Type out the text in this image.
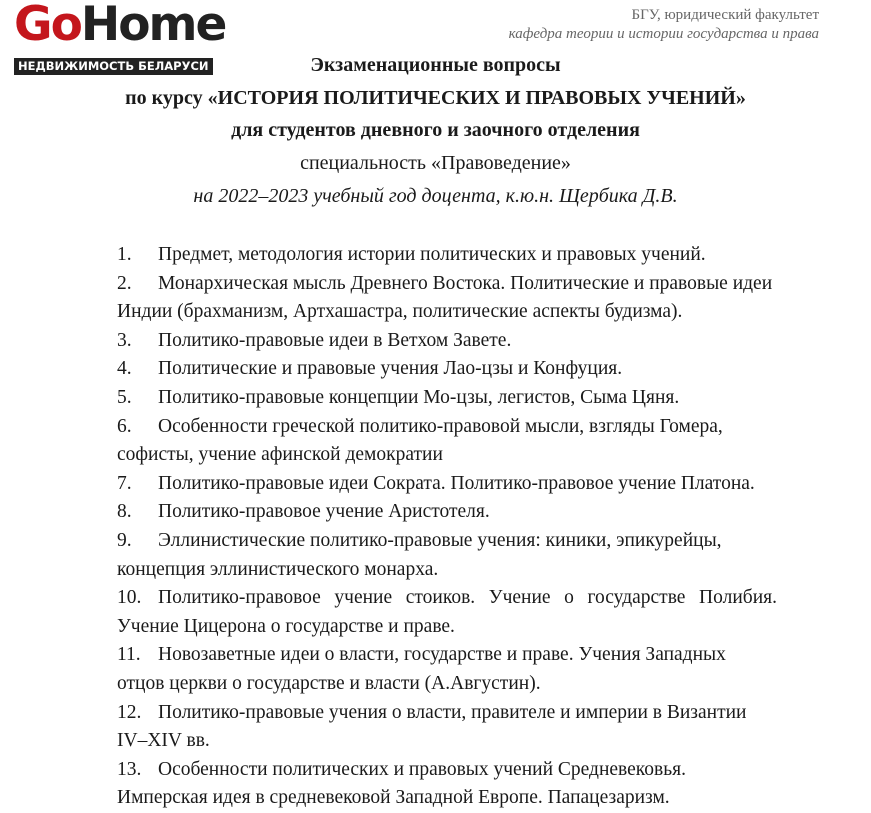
БГУ, юридический факультет
кафедра теории и истории государства и права
Экзаменационные вопросы
по курсу «ИСТОРИЯ ПОЛИТИЧЕСКИХ И ПРАВОВЫХ УЧЕНИЙ»
для студентов дневного и заочного отделения
специальность «Правоведение»
на 2022–2023 учебный год доцента, к.ю.н. Щербика Д.В.
1. Предмет, методология истории политических и правовых учений.
2. Монархическая мысль Древнего Востока. Политические и правовые идеи Индии (брахманизм, Артхашастра, политические аспекты будизма).
3. Политико-правовые идеи в Ветхом Завете.
4. Политические и правовые учения Лао-цзы и Конфуция.
5. Политико-правовые концепции Мо-цзы, легистов, Сыма Цяня.
6. Особенности греческой политико-правовой мысли, взгляды Гомера, софисты, учение афинской демократии
7. Политико-правовые идеи Сократа. Политико-правовое учение Платона.
8. Политико-правовое учение Аристотеля.
9. Эллинистические политико-правовые учения: киники, эпикурейцы, концепция эллинистического монарха.
10. Политико-правовое учение стоиков. Учение о государстве Полибия. Учение Цицерона о государстве и праве.
11. Новозаветные идеи о власти, государстве и праве. Учения Западных отцов церкви о государстве и власти (А.Августин).
12. Политико-правовые учения о власти, правителе и империи в Византии IV–XIV вв.
13. Особенности политических и правовых учений Средневековья. Имперская идея в средневековой Западной Европе. Папацезаризм.
GoHome
НЕДВИЖИМОСТЬ БЕЛАРУСИ
